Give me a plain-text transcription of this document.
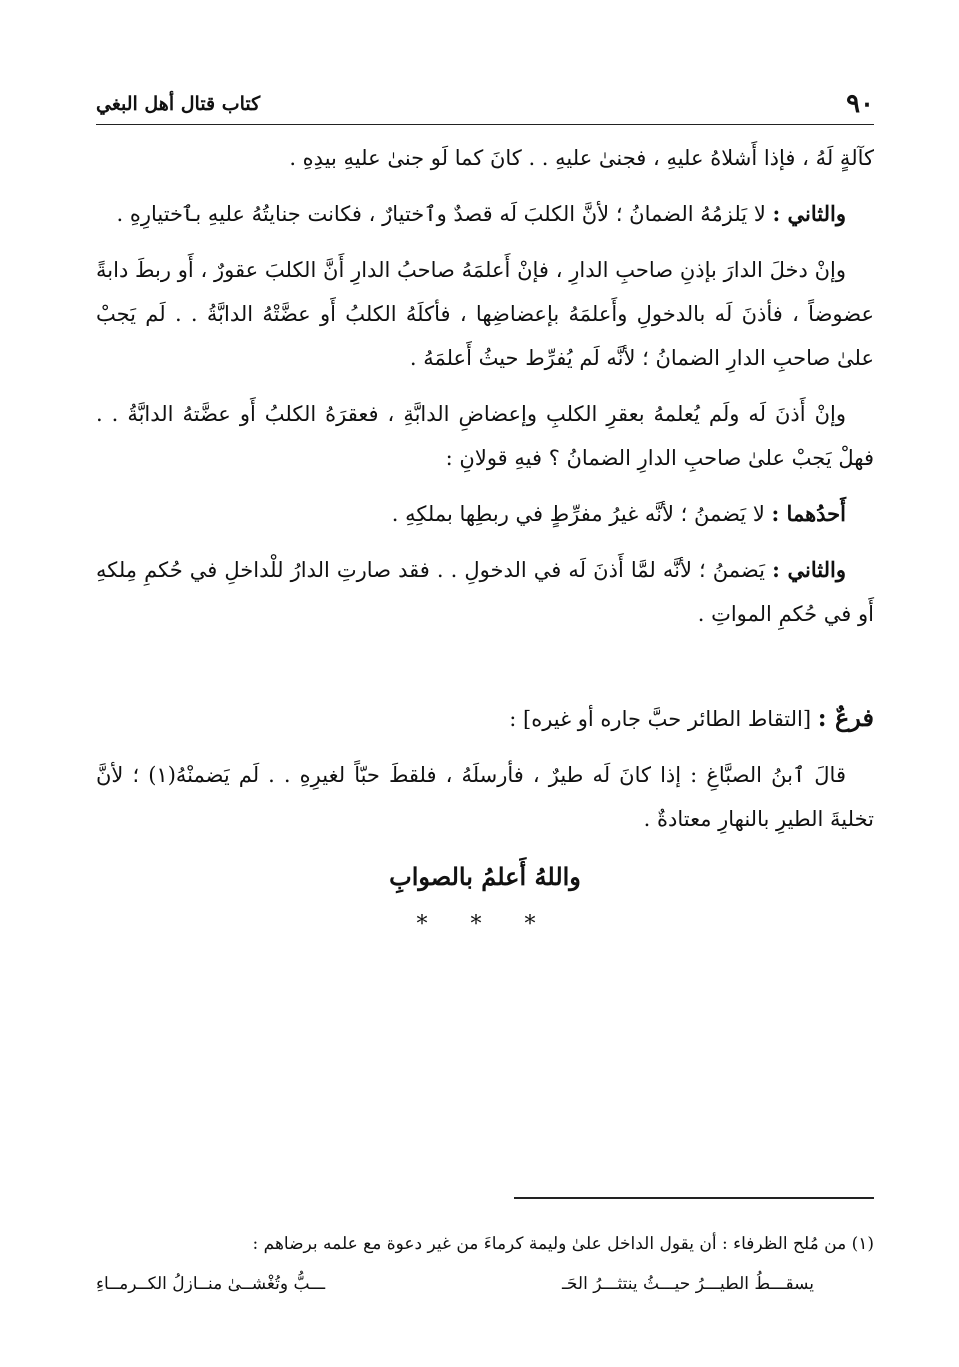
٩٠
كتاب قتال أهل البغي

كآلةٍ لَهُ ، فإذا أَشلاهُ عليهِ ، فجنىٰ عليهِ . . كانَ كما لَو جنىٰ عليهِ بيدِهِ .

والثاني : لا يَلزمُهُ الضمانُ ؛ لأنَّ الكلبَ لَه قصدٌ وٱختيارٌ ، فكانت جنايتُهُ عليهِ بٱختيارِهِ .

وإنْ دخلَ الدارَ بإذنِ صاحبِ الدارِ ، فإنْ أَعلمَهُ صاحبُ الدارِ أَنَّ الكلبَ عقورٌ ، أَو ربطَ دابةً عضوضاً ، فأذنَ لَه بالدخولِ وأَعلمَهُ بإعضاضِها ، فأكلَهُ الكلبُ أَو عضَّتْهُ الدابَّةُ . . لَم يَجبْ علىٰ صاحبِ الدارِ الضمانُ ؛ لأنَّه لَم يُفرِّط حيثُ أَعلمَهُ .

وإنْ أَذنَ لَه ولَم يُعلمهُ بعقرِ الكلبِ وإعضاضِ الدابَّةِ ، فعقرَهُ الكلبُ أَو عضَّتهُ الدابَّةُ . . فهلْ يَجبْ علىٰ صاحبِ الدارِ الضمانُ ؟ فيهِ قولانِ :

أَحدُهما : لا يَضمنُ ؛ لأنَّه غيرُ مفرِّطٍ في ربطِها بملكِهِ .

والثاني : يَضمنُ ؛ لأنَّه لمَّا أَذنَ لَه في الدخولِ . . فقد صارتِ الدارُ للْداخلِ في حُكمِ مِلكهِ أَو في حُكمِ المواتِ .

فرعٌ : [التقاط الطائر حبَّ جاره أو غيره] :

قالَ ٱبنُ الصبَّاغِ : إذا كانَ لَه طيرٌ ، فأرسلَهُ ، فلقطَ حبّاً لغيرِهِ . . لَم يَضمنْهُ(١) ؛ لأنَّ تخليةَ الطيرِ بالنهارِ معتادةٌ .

واللهُ أَعلمُ بالصوابِ

* * *

(١) من مُلح الظرفاء : أن يقول الداخل علىٰ وليمة كرماءَ من غير دعوة مع علمه برضاهم :

يسقـــطُ الطيـــرُ حيـــثُ ينتثـــرُ الحَـ
ـــبُّ وتُغْشــىٰ منــازلُ الكــرمــاءِ
